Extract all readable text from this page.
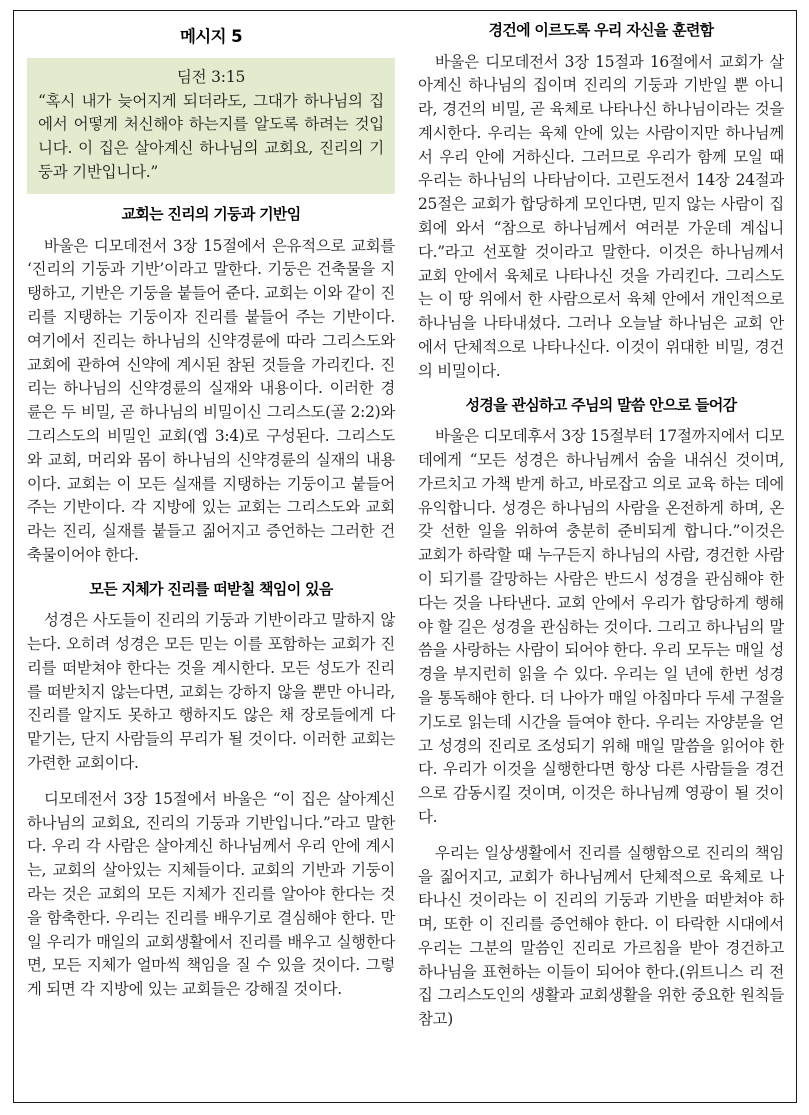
메시지 5
딤전 3:15
“혹시 내가 늦어지게 되더라도, 그대가 하나님의 집에서 어떻게 처신해야 하는지를 알도록 하려는 것입니다. 이 집은 살아계신 하나님의 교회요, 진리의 기둥과 기반입니다.”
교회는 진리의 기둥과 기반임

바울은 디모데전서 3장 15절에서 은유적으로 교회를 ‘진리의 기둥과 기반’이라고 말한다. 기둥은 건축물을 지탱하고, 기반은 기둥을 붙들어 준다. 교회는 이와 같이 진리를 지탱하는 기둥이자 진리를 붙들어 주는 기반이다. 여기에서 진리는 하나님의 신약경륜에 따라 그리스도와 교회에 관하여 신약에 계시된 참된 것들을 가리킨다. 진리는 하나님의 신약경륜의 실재와 내용이다. 이러한 경륜은 두 비밀, 곧 하나님의 비밀이신 그리스도(골 2:2)와 그리스도의 비밀인 교회(엡 3:4)로 구성된다. 그리스도와 교회, 머리와 몸이 하나님의 신약경륜의 실재의 내용이다. 교회는 이 모든 실재를 지탱하는 기둥이고 붙들어 주는 기반이다. 각 지방에 있는 교회는 그리스도와 교회라는 진리, 실재를 붙들고 짊어지고 증언하는 그러한 건축물이어야 한다.

모든 지체가 진리를 떠받칠 책임이 있음

성경은 사도들이 진리의 기둥과 기반이라고 말하지 않는다. 오히려 성경은 모든 믿는 이를 포함하는 교회가 진리를 떠받쳐야 한다는 것을 계시한다. 모든 성도가 진리를 떠받치지 않는다면, 교회는 강하지 않을 뿐만 아니라, 진리를 알지도 못하고 행하지도 않은 채 장로들에게 다 맡기는, 단지 사람들의 무리가 될 것이다. 이러한 교회는 가련한 교회이다.

디모데전서 3장 15절에서 바울은 “이 집은 살아계신 하나님의 교회요, 진리의 기둥과 기반입니다.”라고 말한다. 우리 각 사람은 살아계신 하나님께서 우리 안에 계시는, 교회의 살아있는 지체들이다. 교회의 기반과 기둥이라는 것은 교회의 모든 지체가 진리를 알아야 한다는 것을 함축한다. 우리는 진리를 배우기로 결심해야 한다. 만일 우리가 매일의 교회생활에서 진리를 배우고 실행한다면, 모든 지체가 얼마씩 책임을 질 수 있을 것이다. 그렇게 되면 각 지방에 있는 교회들은 강해질 것이다.

경건에 이르도록 우리 자신을 훈련함

바울은 디모데전서 3장 15절과 16절에서 교회가 살아계신 하나님의 집이며 진리의 기둥과 기반일 뿐 아니라, 경건의 비밀, 곧 육체로 나타나신 하나님이라는 것을 계시한다. 우리는 육체 안에 있는 사람이지만 하나님께서 우리 안에 거하신다. 그러므로 우리가 함께 모일 때 우리는 하나님의 나타남이다. 고린도전서 14장 24절과 25절은 교회가 합당하게 모인다면, 믿지 않는 사람이 집회에 와서 “참으로 하나님께서 여러분 가운데 계십니다.”라고 선포할 것이라고 말한다. 이것은 하나님께서 교회 안에서 육체로 나타나신 것을 가리킨다. 그리스도는 이 땅 위에서 한 사람으로서 육체 안에서 개인적으로 하나님을 나타내셨다. 그러나 오늘날 하나님은 교회 안에서 단체적으로 나타나신다. 이것이 위대한 비밀, 경건의 비밀이다.

성경을 관심하고 주님의 말씀 안으로 들어감

바울은 디모데후서 3장 15절부터 17절까지에서 디모데에게 “모든 성경은 하나님께서 숨을 내쉬신 것이며, 가르치고 가책 받게 하고, 바로잡고 의로 교육 하는 데에 유익합니다. 성경은 하나님의 사람을 온전하게 하며, 온갖 선한 일을 위하여 충분히 준비되게 합니다.”이것은 교회가 하락할 때 누구든지 하나님의 사람, 경건한 사람이 되기를 갈망하는 사람은 반드시 성경을 관심해야 한다는 것을 나타낸다. 교회 안에서 우리가 합당하게 행해야 할 길은 성경을 관심하는 것이다. 그리고 하나님의 말씀을 사랑하는 사람이 되어야 한다. 우리 모두는 매일 성경을 부지런히 읽을 수 있다. 우리는 일 년에 한번 성경을 통독해야 한다. 더 나아가 매일 아침마다 두세 구절을 기도로 읽는데 시간을 들여야 한다. 우리는 자양분을 얻고 성경의 진리로 조성되기 위해 매일 말씀을 읽어야 한다. 우리가 이것을 실행한다면 항상 다른 사람들을 경건으로 감동시킬 것이며, 이것은 하나님께 영광이 될 것이다.

우리는 일상생활에서 진리를 실행함으로 진리의 책임을 짊어지고, 교회가 하나님께서 단체적으로 육체로 나타나신 것이라는 이 진리의 기둥과 기반을 떠받쳐야 하며, 또한 이 진리를 증언해야 한다. 이 타락한 시대에서 우리는 그분의 말씀인 진리로 가르침을 받아 경건하고 하나님을 표현하는 이들이 되어야 한다.(위트니스 리 전집 그리스도인의 생활과 교회생활을 위한 중요한 원칙들 참고)
